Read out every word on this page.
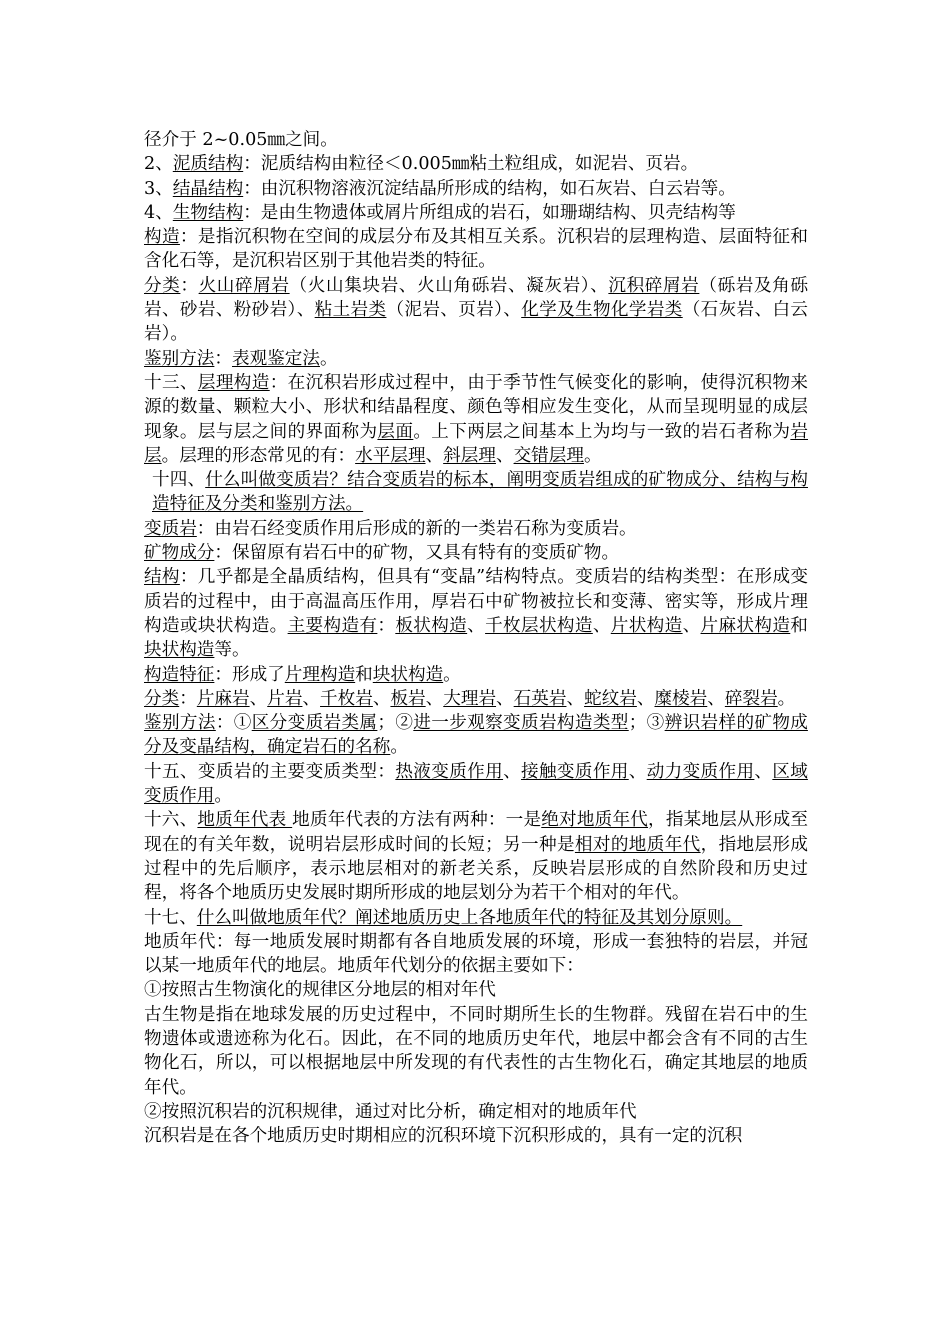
径介于 2~0.05㎜之间。

2、泥质结构：泥质结构由粒径＜0.005㎜粘土粒组成，如泥岩、页岩。

3、结晶结构：由沉积物溶液沉淀结晶所形成的结构，如石灰岩、白云岩等。

4、生物结构：是由生物遗体或屑片所组成的岩石，如珊瑚结构、贝壳结构等

构造：是指沉积物在空间的成层分布及其相互关系。沉积岩的层理构造、层面特征和含化石等，是沉积岩区别于其他岩类的特征。

分类：火山碎屑岩（火山集块岩、火山角砾岩、凝灰岩）、沉积碎屑岩（砾岩及角砾岩、砂岩、粉砂岩）、粘土岩类（泥岩、页岩）、化学及生物化学岩类（石灰岩、白云岩）。

鉴别方法：表观鉴定法。

十三、层理构造：在沉积岩形成过程中，由于季节性气候变化的影响，使得沉积物来源的数量、颗粒大小、形状和结晶程度、颜色等相应发生变化，从而呈现明显的成层现象。层与层之间的界面称为层面。上下两层之间基本上为均与一致的岩石者称为岩层。层理的形态常见的有：水平层理、斜层理、交错层理。

十四、什么叫做变质岩？结合变质岩的标本，阐明变质岩组成的矿物成分、结构与构造特征及分类和鉴别方法。

变质岩：由岩石经变质作用后形成的新的一类岩石称为变质岩。

矿物成分：保留原有岩石中的矿物，又具有特有的变质矿物。

结构：几乎都是全晶质结构，但具有“变晶”结构特点。变质岩的结构类型：在形成变质岩的过程中，由于高温高压作用，厚岩石中矿物被拉长和变薄、密实等，形成片理构造或块状构造。主要构造有：板状构造、千枚层状构造、片状构造、片麻状构造和块状构造等。

构造特征：形成了片理构造和块状构造。

分类：片麻岩、片岩、千枚岩、板岩、大理岩、石英岩、蛇纹岩、糜棱岩、碎裂岩。

鉴别方法：①区分变质岩类属；②进一步观察变质岩构造类型；③辨识岩样的矿物成分及变晶结构，确定岩石的名称。

十五、变质岩的主要变质类型：热液变质作用、接触变质作用、动力变质作用、区域变质作用。

十六、地质年代表 地质年代表的方法有两种：一是绝对地质年代，指某地层从形成至现在的有关年数，说明岩层形成时间的长短；另一种是相对的地质年代，指地层形成过程中的先后顺序，表示地层相对的新老关系，反映岩层形成的自然阶段和历史过程，将各个地质历史发展时期所形成的地层划分为若干个相对的年代。

十七、什么叫做地质年代？阐述地质历史上各地质年代的特征及其划分原则。

地质年代：每一地质发展时期都有各自地质发展的环境，形成一套独特的岩层，并冠以某一地质年代的地层。地质年代划分的依据主要如下：

①按照古生物演化的规律区分地层的相对年代

古生物是指在地球发展的历史过程中，不同时期所生长的生物群。残留在岩石中的生物遗体或遗迹称为化石。因此，在不同的地质历史年代，地层中都会含有不同的古生物化石，所以，可以根据地层中所发现的有代表性的古生物化石，确定其地层的地质年代。

②按照沉积岩的沉积规律，通过对比分析，确定相对的地质年代

沉积岩是在各个地质历史时期相应的沉积环境下沉积形成的，具有一定的沉积
